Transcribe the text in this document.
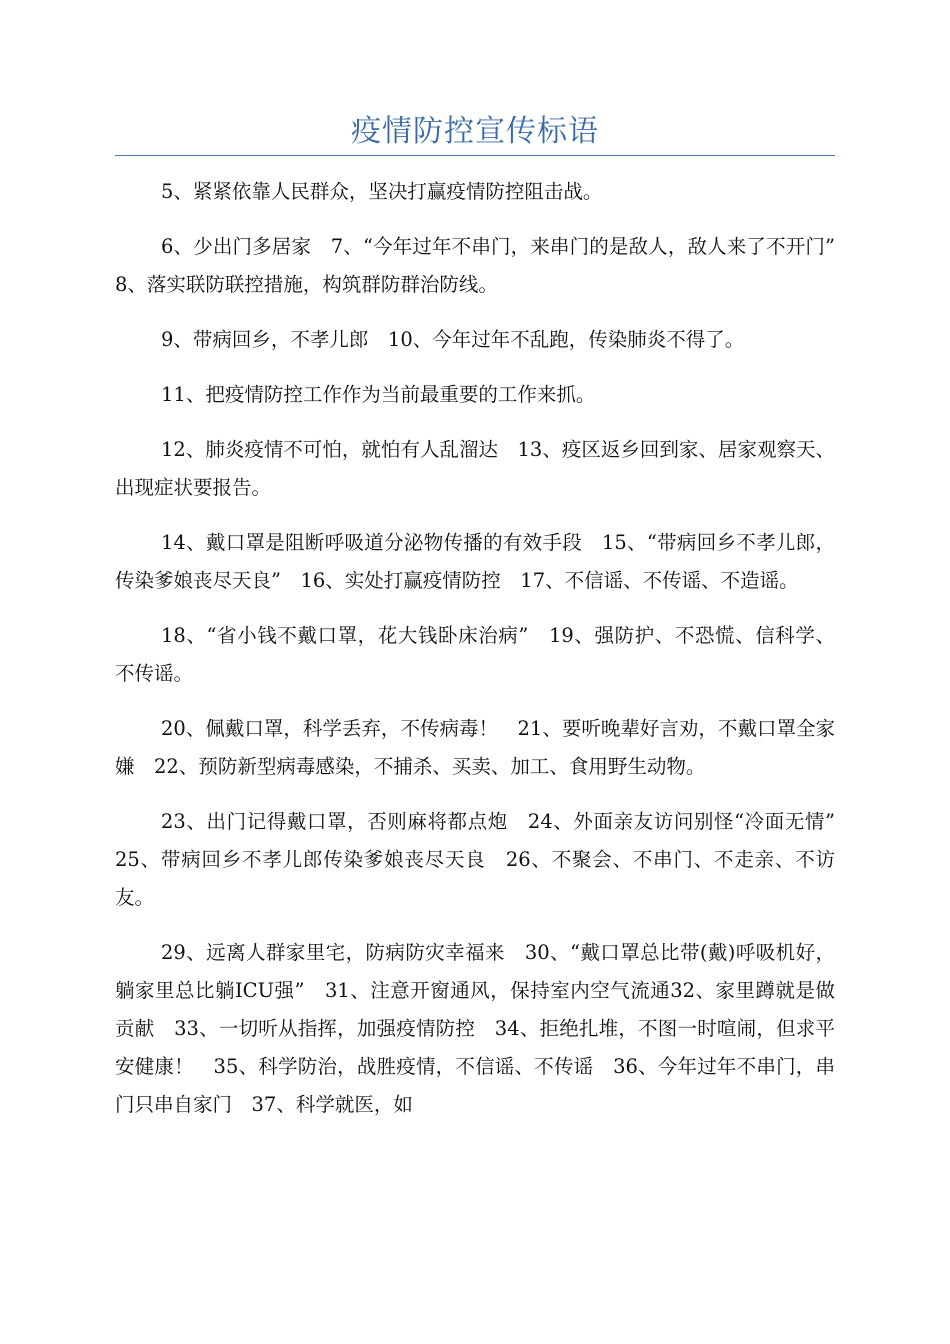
疫情防控宣传标语

5、紧紧依靠人民群众，坚决打赢疫情防控阻击战。

6、少出门多居家　7、“今年过年不串门，来串门的是敌人，敌人来了不开门”　8、落实联防联控措施，构筑群防群治防线。

9、带病回乡，不孝儿郎　10、今年过年不乱跑，传染肺炎不得了。

11、把疫情防控工作作为当前最重要的工作来抓。

12、肺炎疫情不可怕，就怕有人乱溜达　13、疫区返乡回到家、居家观察天、出现症状要报告。

14、戴口罩是阻断呼吸道分泌物传播的有效手段　15、“带病回乡不孝儿郎，传染爹娘丧尽天良”　16、实处打赢疫情防控　17、不信谣、不传谣、不造谣。

18、“省小钱不戴口罩，花大钱卧床治病”　19、强防护、不恐慌、信科学、不传谣。

20、佩戴口罩，科学丢弃，不传病毒！　21、要听晚辈好言劝，不戴口罩全家嫌　22、预防新型病毒感染，不捕杀、买卖、加工、食用野生动物。

23、出门记得戴口罩，否则麻将都点炮　24、外面亲友访问别怪“冷面无情”　25、带病回乡不孝儿郎传染爹娘丧尽天良　26、不聚会、不串门、不走亲、不访友。

29、远离人群家里宅，防病防灾幸福来　30、“戴口罩总比带(戴)呼吸机好，躺家里总比躺ICU强”　31、注意开窗通风，保持室内空气流通32、家里蹲就是做贡献　33、一切听从指挥，加强疫情防控　34、拒绝扎堆，不图一时喧闹，但求平安健康！　35、科学防治，战胜疫情，不信谣、不传谣　36、今年过年不串门，串门只串自家门　37、科学就医，如
